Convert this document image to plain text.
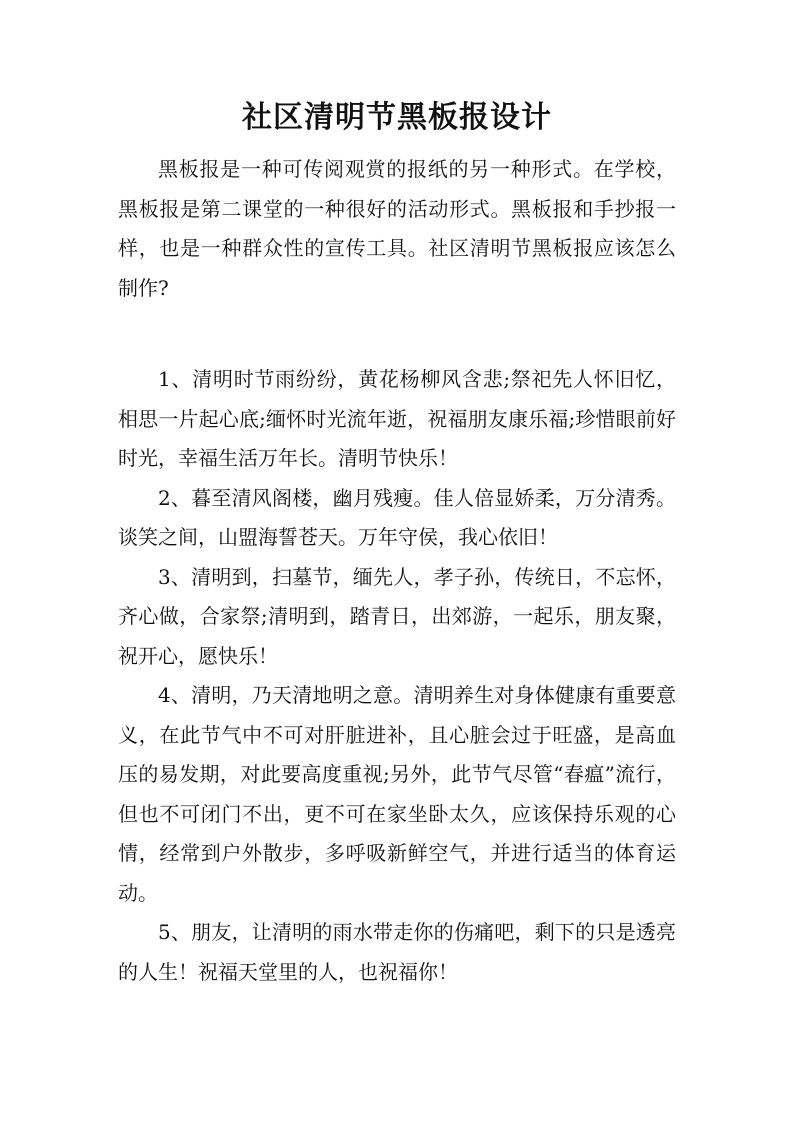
社区清明节黑板报设计

黑板报是一种可传阅观赏的报纸的另一种形式。在学校，黑板报是第二课堂的一种很好的活动形式。黑板报和手抄报一样，也是一种群众性的宣传工具。社区清明节黑板报应该怎么制作?

1、清明时节雨纷纷，黄花杨柳风含悲;祭祀先人怀旧忆，相思一片起心底;缅怀时光流年逝，祝福朋友康乐福;珍惜眼前好时光，幸福生活万年长。清明节快乐！

2、暮至清风阁楼，幽月残瘦。佳人倍显娇柔，万分清秀。谈笑之间，山盟海誓苍天。万年守侯，我心依旧！

3、清明到，扫墓节，缅先人，孝子孙，传统日，不忘怀，齐心做，合家祭;清明到，踏青日，出郊游，一起乐，朋友聚，祝开心，愿快乐！

4、清明，乃天清地明之意。清明养生对身体健康有重要意义，在此节气中不可对肝脏进补，且心脏会过于旺盛，是高血压的易发期，对此要高度重视;另外，此节气尽管“春瘟”流行，但也不可闭门不出，更不可在家坐卧太久，应该保持乐观的心情，经常到户外散步，多呼吸新鲜空气，并进行适当的体育运动。

5、朋友，让清明的雨水带走你的伤痛吧，剩下的只是透亮的人生！祝福天堂里的人，也祝福你！
